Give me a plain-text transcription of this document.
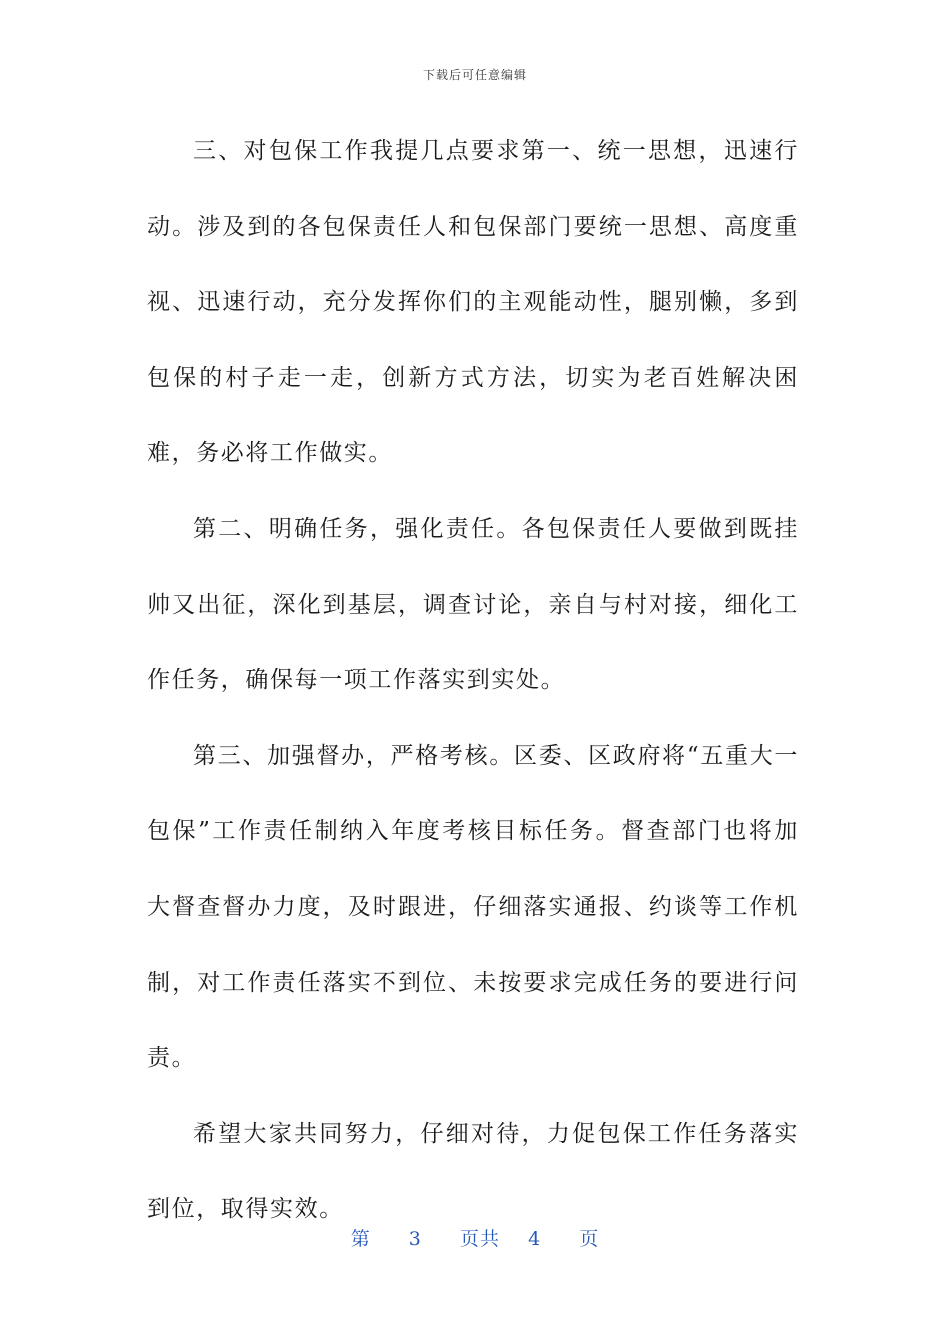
下载后可任意编辑

三、对包保工作我提几点要求第一、统一思想，迅速行动。涉及到的各包保责任人和包保部门要统一思想、高度重视、迅速行动，充分发挥你们的主观能动性，腿别懒，多到包保的村子走一走，创新方式方法，切实为老百姓解决困难，务必将工作做实。

第二、明确任务，强化责任。各包保责任人要做到既挂帅又出征，深化到基层，调查讨论，亲自与村对接，细化工作任务，确保每一项工作落实到实处。

第三、加强督办，严格考核。区委、区政府将“五重大一包保”工作责任制纳入年度考核目标任务。督查部门也将加大督查督办力度，及时跟进，仔细落实通报、约谈等工作机制，对工作责任落实不到位、未按要求完成任务的要进行问责。

希望大家共同努力，仔细对待，力促包保工作任务落实到位，取得实效。

第 3 页共 4 页
